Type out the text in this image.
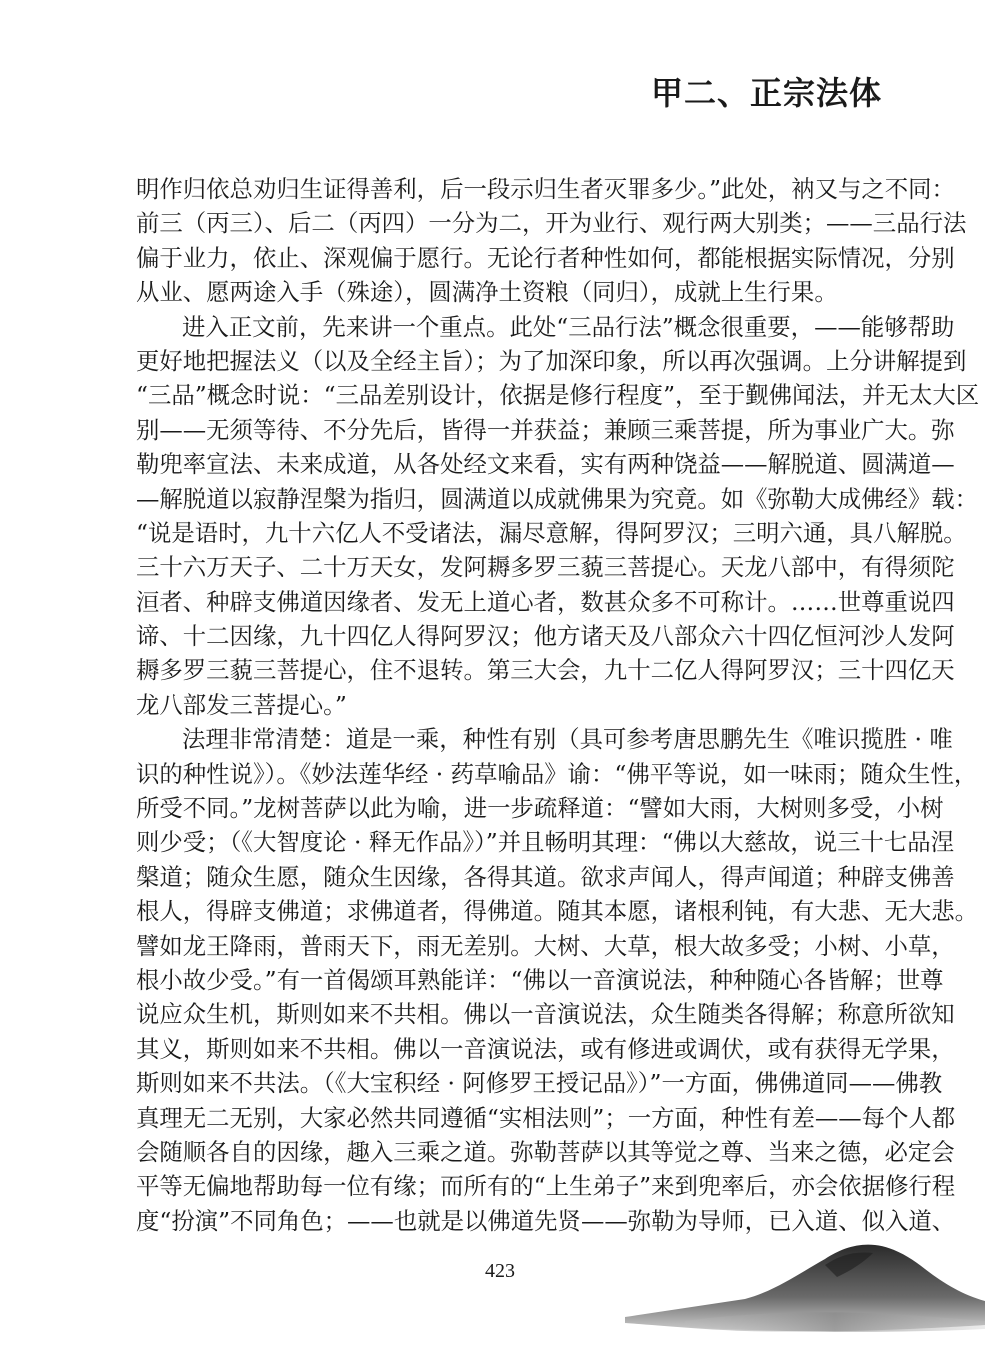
甲二、正宗法体
明作归依总劝归生证得善利，后一段示归生者灭罪多少。”此处，衲又与之不同：
前三（丙三）、后二（丙四）一分为二，开为业行、观行两大别类；——三品行法
偏于业力，依止、深观偏于愿行。无论行者种性如何，都能根据实际情况，分别
从业、愿两途入手（殊途），圆满净土资粮（同归），成就上生行果。
进入正文前，先来讲一个重点。此处“三品行法”概念很重要，——能够帮助
更好地把握法义（以及全经主旨）；为了加深印象，所以再次强调。上分讲解提到
“三品”概念时说：“三品差别设计，依据是修行程度”，至于觐佛闻法，并无太大区
别——无须等待、不分先后，皆得一并获益；兼顾三乘菩提，所为事业广大。弥
勒兜率宣法、未来成道，从各处经文来看，实有两种饶益——解脱道、圆满道—
—解脱道以寂静涅槃为指归，圆满道以成就佛果为究竟。如《弥勒大成佛经》载：
“说是语时，九十六亿人不受诸法，漏尽意解，得阿罗汉；三明六通，具八解脱。
三十六万天子、二十万天女，发阿耨多罗三藐三菩提心。天龙八部中，有得须陀
洹者、种辟支佛道因缘者、发无上道心者，数甚众多不可称计。……世尊重说四
谛、十二因缘，九十四亿人得阿罗汉；他方诸天及八部众六十四亿恒河沙人发阿
耨多罗三藐三菩提心，住不退转。第三大会，九十二亿人得阿罗汉；三十四亿天
龙八部发三菩提心。”
法理非常清楚：道是一乘，种性有别（具可参考唐思鹏先生《唯识揽胜 · 唯
识的种性说》）。《妙法莲华经 · 药草喻品》谕：“佛平等说，如一味雨；随众生性，
所受不同。”龙树菩萨以此为喻，进一步疏释道：“譬如大雨，大树则多受，小树
则少受；（《大智度论 · 释无作品》）”并且畅明其理：“佛以大慈故，说三十七品涅
槃道；随众生愿，随众生因缘，各得其道。欲求声闻人，得声闻道；种辟支佛善
根人，得辟支佛道；求佛道者，得佛道。随其本愿，诸根利钝，有大悲、无大悲。
譬如龙王降雨，普雨天下，雨无差别。大树、大草，根大故多受；小树、小草，
根小故少受。”有一首偈颂耳熟能详：“佛以一音演说法，种种随心各皆解；世尊
说应众生机，斯则如来不共相。佛以一音演说法，众生随类各得解；称意所欲知
其义，斯则如来不共相。佛以一音演说法，或有修进或调伏，或有获得无学果，
斯则如来不共法。（《大宝积经 · 阿修罗王授记品》）”一方面，佛佛道同——佛教
真理无二无别，大家必然共同遵循“实相法则”；一方面，种性有差——每个人都
会随顺各自的因缘，趣入三乘之道。弥勒菩萨以其等觉之尊、当来之德，必定会
平等无偏地帮助每一位有缘；而所有的“上生弟子”来到兜率后，亦会依据修行程
度“扮演”不同角色；——也就是以佛道先贤——弥勒为导师，已入道、似入道、
423
